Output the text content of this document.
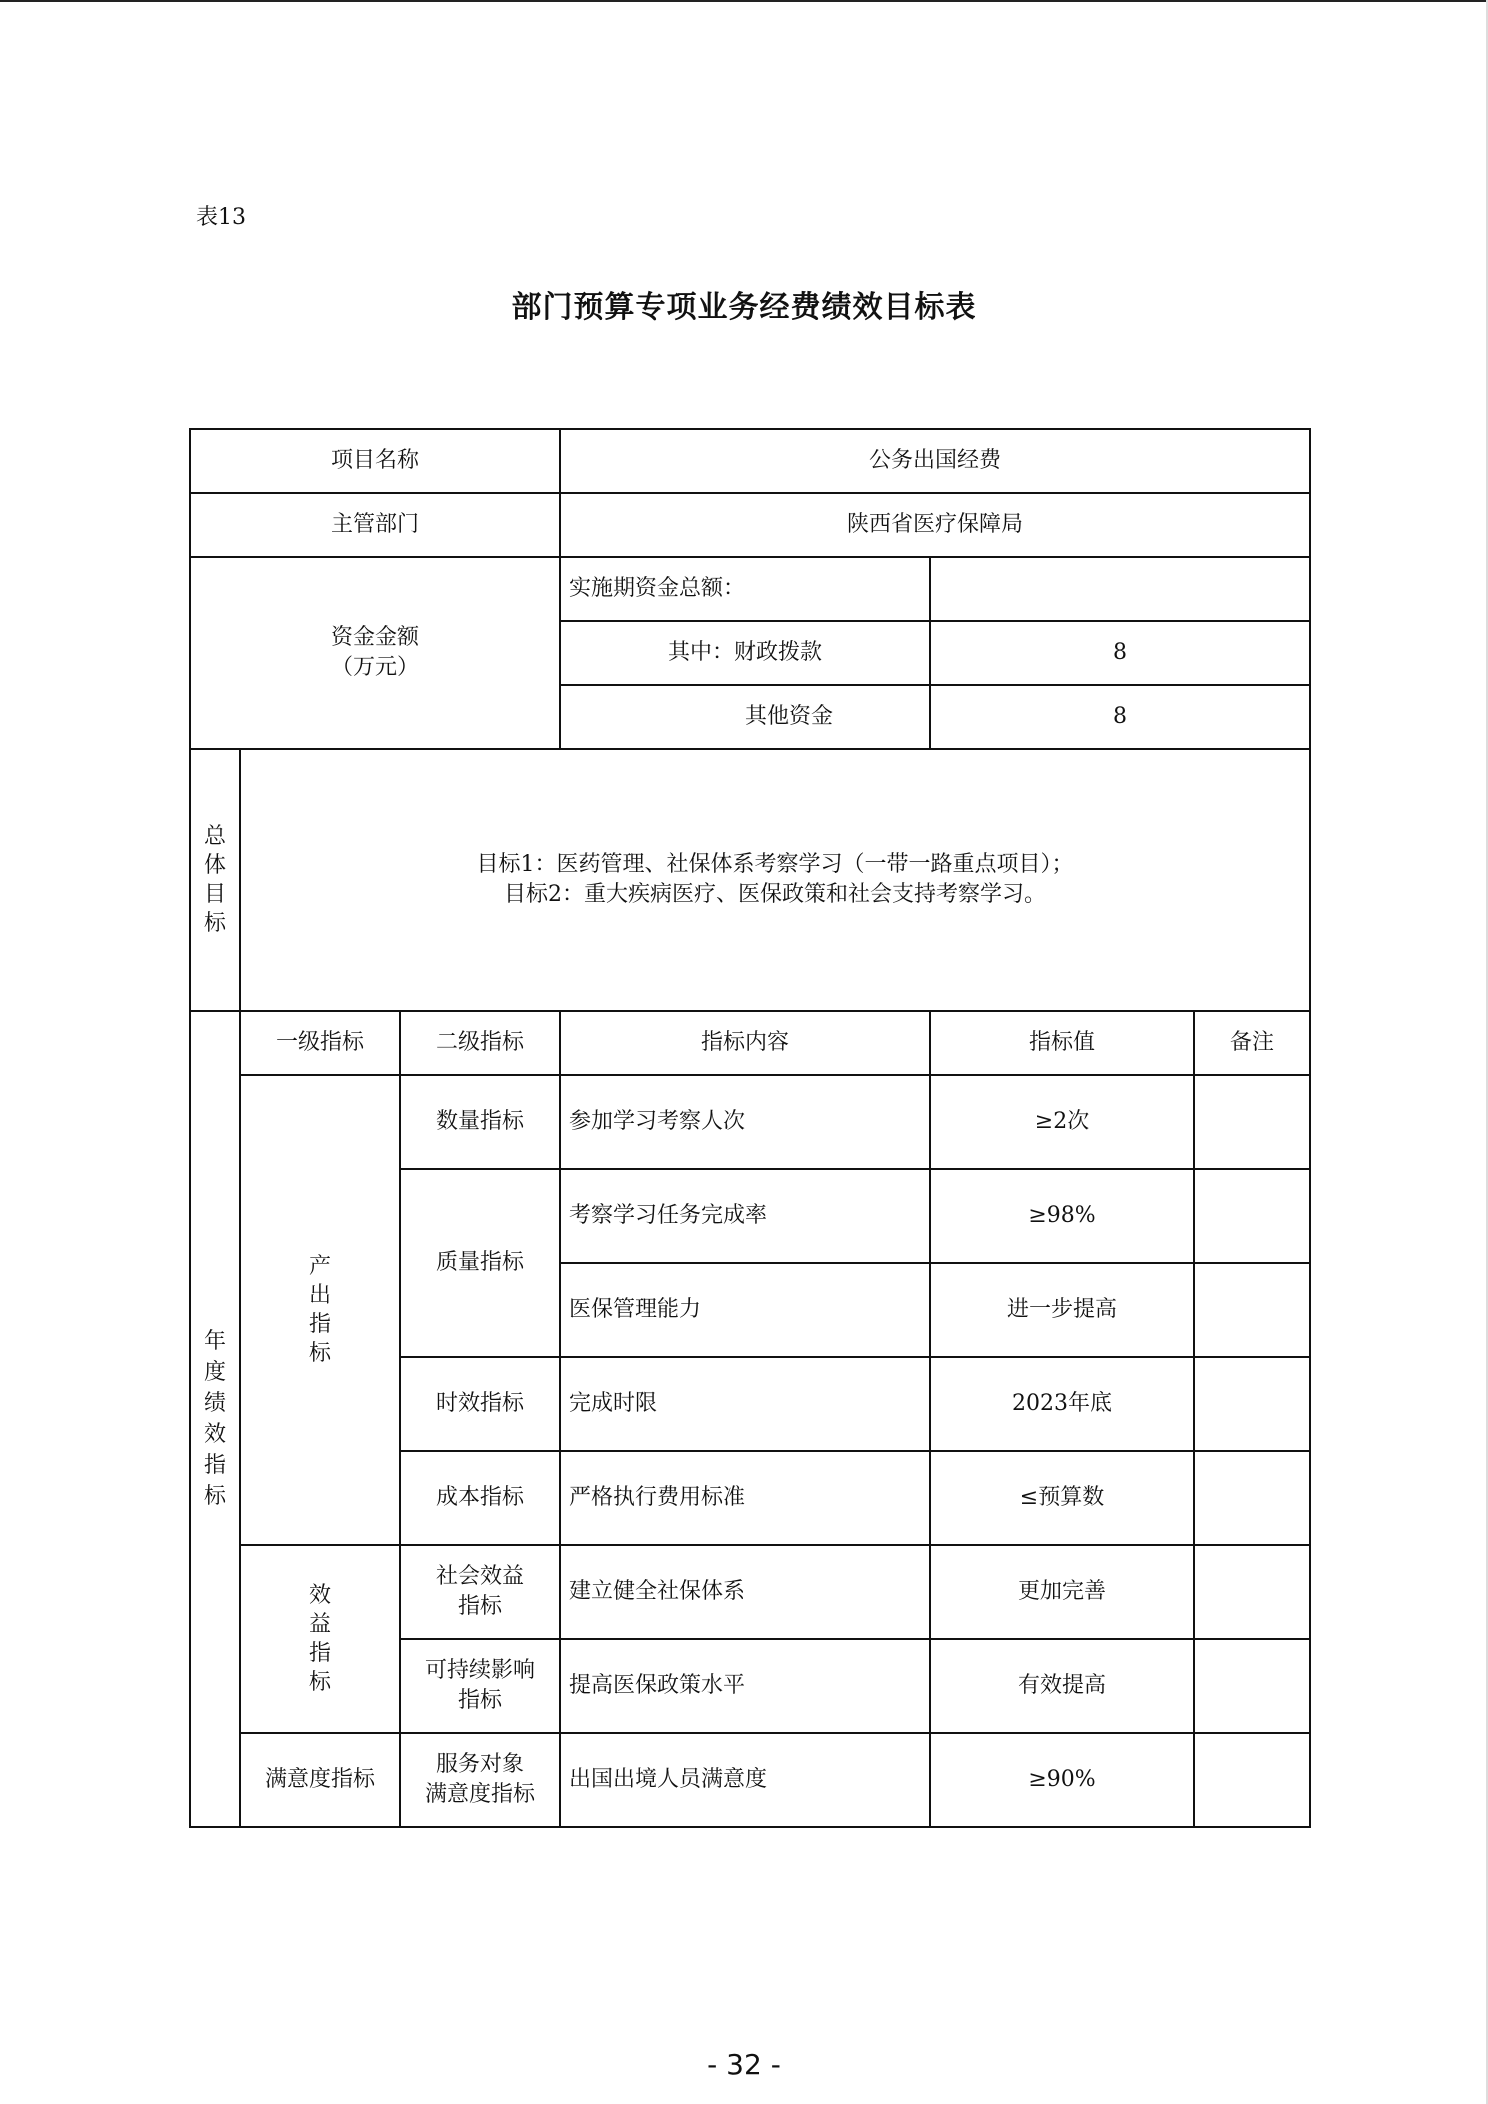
表13
部门预算专项业务经费绩效目标表
项目名称			公务出国经费		
主管部门			陕西省医疗保障局		

资金金额
（万元）			实施期资金总额：		
			其中：财政拨款	8	
			其他资金	8	

总体目标	目标1：医药管理、社保体系考察学习（一带一路重点项目）；
目标2：重大疾病医疗、医保政策和社会支持考察学习。				

年度绩效指标	一级指标	二级指标	指标内容	指标值	备注

	产出指标	数量指标	参加学习考察人次	≥2次	
		质量指标	考察学习任务完成率	≥98%	
			医保管理能力	进一步提高	
		时效指标	完成时限	2023年底	
		成本指标	严格执行费用标准	≤预算数	

	效益指标	社会效益
指标	建立健全社保体系	更加完善	
		可持续影响
指标	提高医保政策水平	有效提高	
	满意度指标	服务对象
满意度指标	出国出境人员满意度	≥90%	
- 32 -
